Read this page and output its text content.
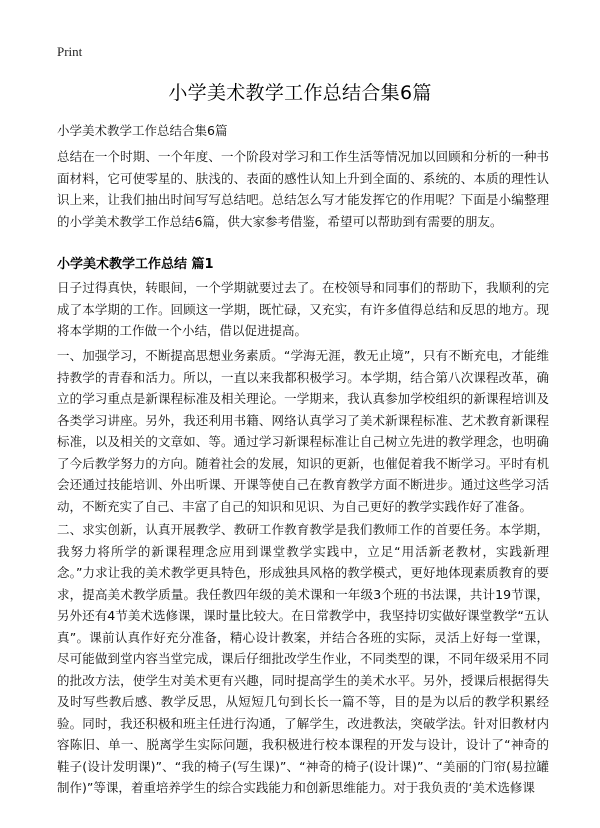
Print
小学美术教学工作总结合集6篇
小学美术教学工作总结合集6篇

总结在一个时期、一个年度、一个阶段对学习和工作生活等情况加以回顾和分析的一种书面材料，它可使零星的、肤浅的、表面的感性认知上升到全面的、系统的、本质的理性认识上来，让我们抽出时间写写总结吧。总结怎么写才能发挥它的作用呢？下面是小编整理的小学美术教学工作总结6篇，供大家参考借鉴，希望可以帮助到有需要的朋友。

小学美术教学工作总结 篇1

日子过得真快，转眼间，一个学期就要过去了。在校领导和同事们的帮助下，我顺利的完成了本学期的工作。回顾这一学期，既忙碌，又充实，有许多值得总结和反思的地方。现将本学期的工作做一个小结，借以促进提高。

一、加强学习，不断提高思想业务素质。“学海无涯，教无止境”，只有不断充电，才能维持教学的青春和活力。所以，一直以来我都积极学习。本学期，结合第八次课程改革，确立的学习重点是新课程标准及相关理论。一学期来，我认真参加学校组织的新课程培训及各类学习讲座。另外，我还利用书籍、网络认真学习了美术新课程标准、艺术教育新课程标准，以及相关的文章如、等。通过学习新课程标准让自己树立先进的教学理念，也明确了今后教学努力的方向。随着社会的发展，知识的更新，也催促着我不断学习。平时有机会还通过技能培训、外出听课、开课等使自己在教育教学方面不断进步。通过这些学习活动，不断充实了自己、丰富了自己的知识和见识、为自己更好的教学实践作好了准备。

二、求实创新，认真开展教学、教研工作教育教学是我们教师工作的首要任务。本学期，我努力将所学的新课程理念应用到课堂教学实践中，立足“用活新老教材，实践新理念。”力求让我的美术教学更具特色，形成独具风格的教学模式，更好地体现素质教育的要求，提高美术教学质量。我任教四年级的美术课和一年级3个班的书法课，共计19节课，另外还有4节美术选修课，课时量比较大。在日常教学中，我坚持切实做好课堂教学“五认真”。课前认真作好充分准备，精心设计教案，并结合各班的实际，灵活上好每一堂课，尽可能做到堂内容当堂完成，课后仔细批改学生作业，不同类型的课，不同年级采用不同的批改方法，使学生对美术更有兴趣，同时提高学生的美术水平。另外，授课后根据得失及时写些教后感、教学反思，从短短几句到长长一篇不等，目的是为以后的教学积累经验。同时，我还积极和班主任进行沟通，了解学生，改进教法，突破学法。针对旧教材内容陈旧、单一、脱离学生实际问题，我积极进行校本课程的开发与设计，设计了“神奇的鞋子(设计发明课)”、“我的椅子(写生课)”、“神奇的椅子(设计课)”、“美丽的门帘(易拉罐制作)”等课，着重培养学生的综合实践能力和创新思维能力。对于我负责的‘美术选修课
